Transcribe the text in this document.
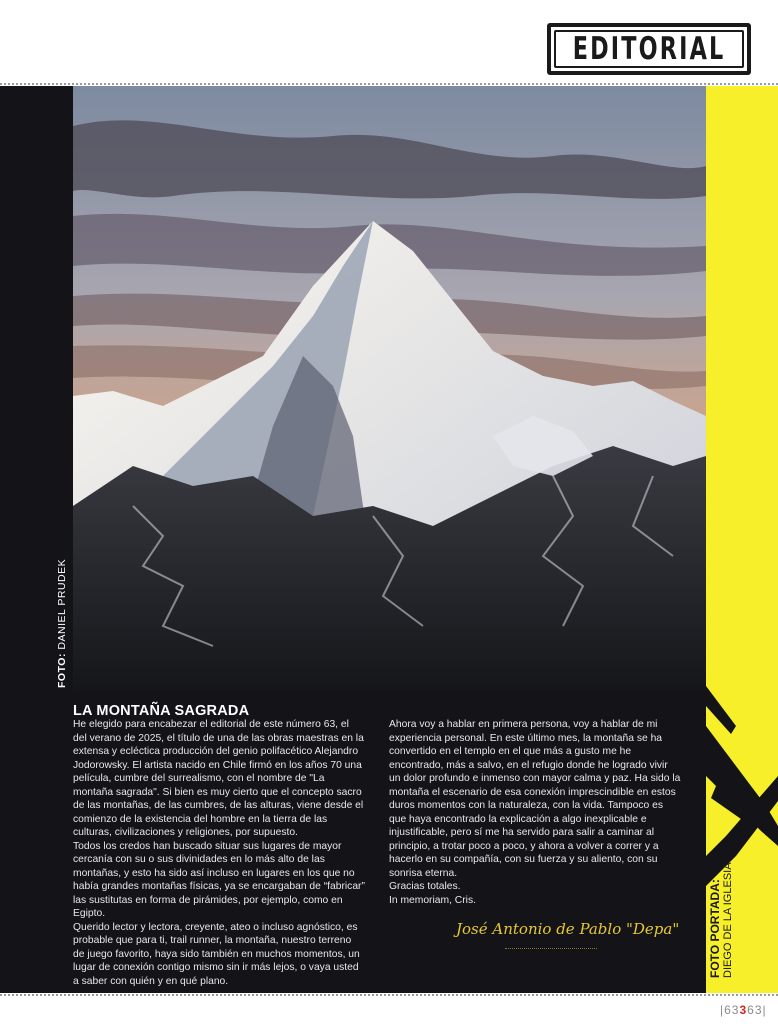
EDITORIAL
FOTO: DANIEL PRUDEK
FOTO PORTADA: DIEGO DE LA IGLESIA
LA MONTAÑA SAGRADA

He elegido para encabezar el editorial de este número 63, el del verano de 2025, el título de una de las obras maestras en la extensa y ecléctica producción del genio polifacético Alejandro Jodorowsky. El artista nacido en Chile firmó en los años 70 una película, cumbre del surrealismo, con el nombre de "La montaña sagrada". Si bien es muy cierto que el concepto sacro de las montañas, de las cumbres, de las alturas, viene desde el comienzo de la existencia del hombre en la tierra de las culturas, civilizaciones y religiones, por supuesto.

Todos los credos han buscado situar sus lugares de mayor cercanía con su o sus divinidades en lo más alto de las montañas, y esto ha sido así incluso en lugares en los que no había grandes montañas físicas, ya se encargaban de “fabricar” las sustitutas en forma de pirámides, por ejemplo, como en Egipto.

Querido lector y lectora, creyente, ateo o incluso agnóstico, es probable que para ti, trail runner, la montaña, nuestro terreno de juego favorito, haya sido también en muchos momentos, un lugar de conexión contigo mismo sin ir más lejos, o vaya usted a saber con quién y en qué plano.

Ahora voy a hablar en primera persona, voy a hablar de mi experiencia personal. En este último mes, la montaña se ha convertido en el templo en el que más a gusto me he encontrado, más a salvo, en el refugio donde he logrado vivir un dolor profundo e inmenso con mayor calma y paz. Ha sido la montaña el escenario de esa conexión imprescindible en estos duros momentos con la naturaleza, con la vida. Tampoco es que haya encontrado la explicación a algo inexplicable e injustificable, pero sí me ha servido para salir a caminar al principio, a trotar poco a poco, y ahora a volver a correr y a hacerlo en su compañía, con su fuerza y su aliento, con su sonrisa eterna.

Gracias totales.

In memoriam, Cris.

José Antonio de Pablo "Depa"
|63363|
